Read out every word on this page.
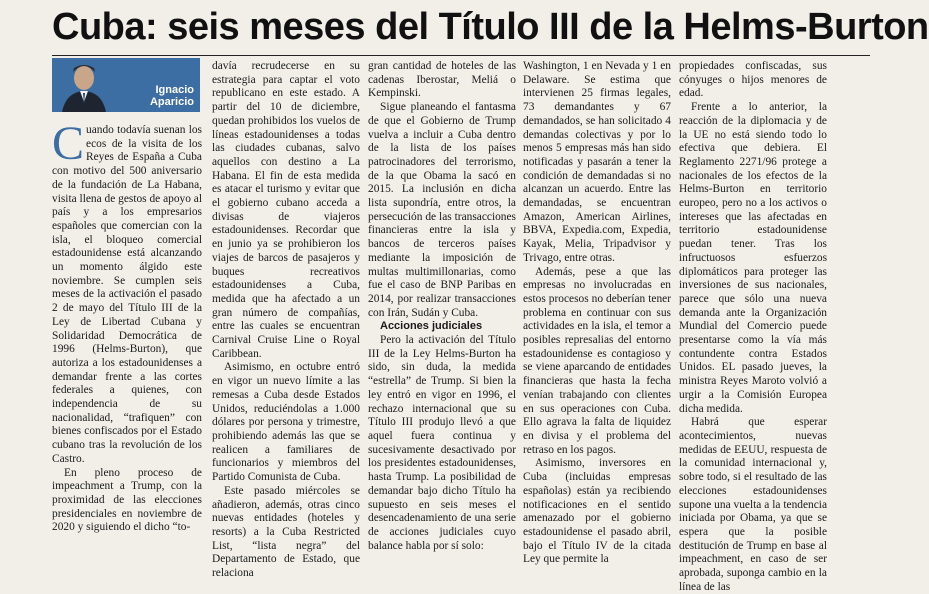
Cuba: seis meses del Título III de la Helms-Burton
Ignacio
Aparicio

Cuando todavía suenan los ecos de la visita de los Reyes de España a Cuba con motivo del 500 aniversario de la fundación de La Habana, visita llena de gestos de apoyo al país y a los empresarios españoles que comercian con la isla, el bloqueo comercial estadounidense está alcanzando un momento álgido este noviembre. Se cumplen seis meses de la activación el pasado 2 de mayo del Título III de la Ley de Libertad Cubana y Solidaridad Democrática de 1996 (Helms-Burton), que autoriza a los estadounidenses a demandar frente a las cortes federales a quienes, con independencia de su nacionalidad, “trafiquen” con bienes confiscados por el Estado cubano tras la revolución de los Castro.

En pleno proceso de impeachment a Trump, con la proximidad de las elecciones presidenciales en noviembre de 2020 y siguiendo el dicho “to-

davía recrudecerse en su estrategia para captar el voto republicano en este estado. A partir del 10 de diciembre, quedan prohibidos los vuelos de líneas estadounidenses a todas las ciudades cubanas, salvo aquellos con destino a La Habana. El fin de esta medida es atacar el turismo y evitar que el gobierno cubano acceda a divisas de viajeros estadounidenses. Recordar que en junio ya se prohibieron los viajes de barcos de pasajeros y buques recreativos estadounidenses a Cuba, medida que ha afectado a un gran número de compañías, entre las cuales se encuentran Carnival Cruise Line o Royal Caribbean.

Asimismo, en octubre entró en vigor un nuevo límite a las remesas a Cuba desde Estados Unidos, reduciéndolas a 1.000 dólares por persona y trimestre, prohibiendo además las que se realicen a familiares de funcionarios y miembros del Partido Comunista de Cuba.

Este pasado miércoles se añadieron, además, otras cinco nuevas entidades (hoteles y resorts) a la Cuba Restricted List, “lista negra” del Departamento de Estado, que relaciona

gran cantidad de hoteles de las cadenas Iberostar, Meliá o Kempinski.

Sigue planeando el fantasma de que el Gobierno de Trump vuelva a incluir a Cuba dentro de la lista de los países patrocinadores del terrorismo, de la que Obama la sacó en 2015. La inclusión en dicha lista supondría, entre otros, la persecución de las transacciones financieras entre la isla y bancos de terceros países mediante la imposición de multas multimillonarias, como fue el caso de BNP Paribas en 2014, por realizar transacciones con Irán, Sudán y Cuba.

Acciones judiciales

Pero la activación del Título III de la Ley Helms-Burton ha sido, sin duda, la medida “estrella” de Trump. Si bien la ley entró en vigor en 1996, el rechazo internacional que su Título III produjo llevó a que aquel fuera continua y sucesivamente desactivado por los presidentes estadounidenses, hasta Trump. La posibilidad de demandar bajo dicho Título ha supuesto en seis meses el desencadenamiento de una serie de acciones judiciales cuyo balance habla por sí solo:

Washington, 1 en Nevada y 1 en Delaware. Se estima que intervienen 25 firmas legales, 73 demandantes y 67 demandados, se han solicitado 4 demandas colectivas y por lo menos 5 empresas más han sido notificadas y pasarán a tener la condición de demandadas si no alcanzan un acuerdo. Entre las demandadas, se encuentran Amazon, American Airlines, BBVA, Expedia.com, Expedia, Kayak, Melia, Tripadvisor y Trivago, entre otras.

Además, pese a que las empresas no involucradas en estos procesos no deberían tener problema en continuar con sus actividades en la isla, el temor a posibles represalias del entorno estadounidense es contagioso y se viene aparcando de entidades financieras que hasta la fecha venían trabajando con clientes en sus operaciones con Cuba. Ello agrava la falta de liquidez en divisa y el problema del retraso en los pagos.

Asimismo, inversores en Cuba (incluidas empresas españolas) están ya recibiendo notificaciones en el sentido amenazado por el gobierno estadounidense el pasado abril, bajo el Título IV de la citada Ley que permite la

propiedades confiscadas, sus cónyuges o hijos menores de edad.

Frente a lo anterior, la reacción de la diplomacia y de la UE no está siendo todo lo efectiva que debiera. El Reglamento 2271/96 protege a nacionales de los efectos de la Helms-Burton en territorio europeo, pero no a los activos o intereses que las afectadas en territorio estadounidense puedan tener. Tras los infructuosos esfuerzos diplomáticos para proteger las inversiones de sus nacionales, parece que sólo una nueva demanda ante la Organización Mundial del Comercio puede presentarse como la vía más contundente contra Estados Unidos. EL pasado jueves, la ministra Reyes Maroto volvió a urgir a la Comisión Europea dicha medida.

Habrá que esperar acontecimientos, nuevas medidas de EEUU, respuesta de la comunidad internacional y, sobre todo, si el resultado de las elecciones estadounidenses supone una vuelta a la tendencia iniciada por Obama, ya que se espera que la posible destitución de Trump en base al impeachment, en caso de ser aprobada, suponga cambio en la línea de las
